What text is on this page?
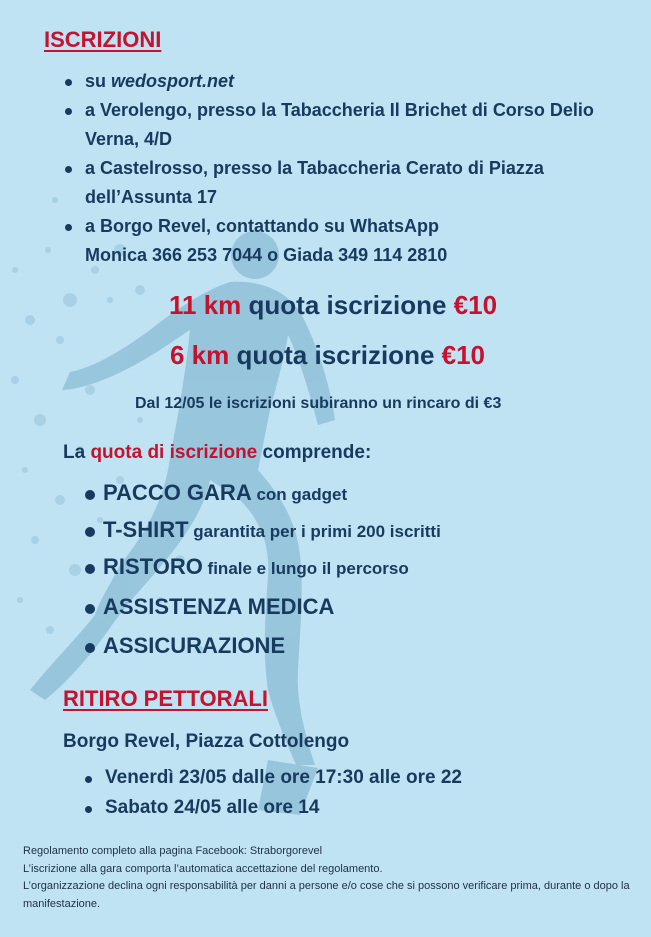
ISCRIZIONI
su wedosport.net
a Verolengo, presso la Tabaccheria Il Brichet di Corso Delio
Verna, 4/D
a Castelrosso, presso la Tabaccheria Cerato di Piazza
dell’Assunta 17
a Borgo Revel, contattando su WhatsApp
Monica 366 253 7044 o Giada 349 114 2810
11 km quota iscrizione €10
6 km quota iscrizione €10
Dal 12/05 le iscrizioni subiranno un rincaro di €3
La quota di iscrizione comprende:
PACCO GARA con gadget
T-SHIRT garantita per i primi 200 iscritti
RISTORO finale e lungo il percorso
ASSISTENZA MEDICA
ASSICURAZIONE
RITIRO PETTORALI
Borgo Revel, Piazza Cottolengo
Venerdì 23/05 dalle ore 17:30 alle ore 22
Sabato 24/05 alle ore 14
Regolamento completo alla pagina Facebook: Straborgorevel
L’iscrizione alla gara comporta l’automatica accettazione del regolamento.
L’organizzazione declina ogni responsabilità per danni a persone e/o cose che si possono verificare prima, durante o dopo la manifestazione.
